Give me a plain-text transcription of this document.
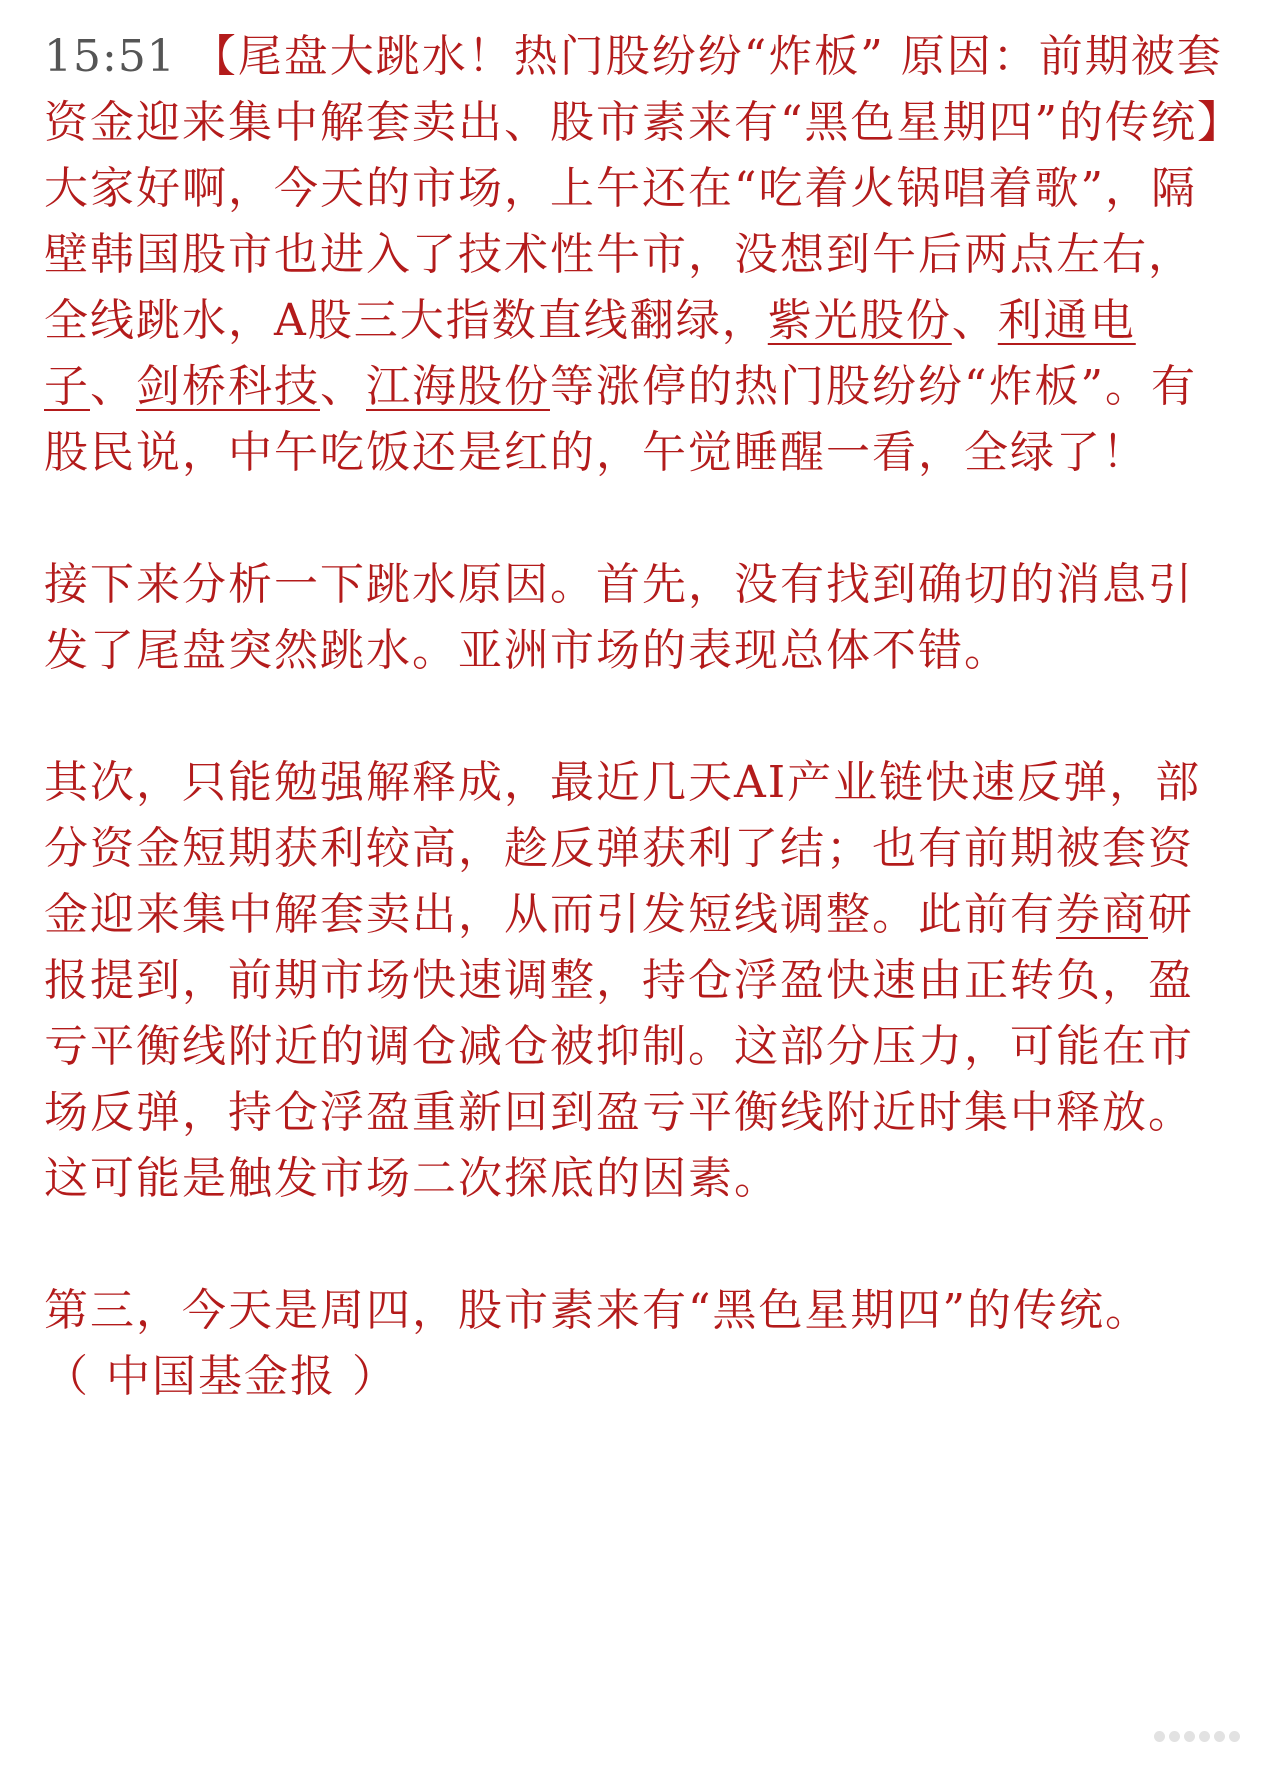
15:51 【尾盘大跳水！热门股纷纷“炸板” 原因：前期被套资金迎来集中解套卖出、股市素来有“黑色星期四”的传统】大家好啊，今天的市场，上午还在“吃着火锅唱着歌”，隔壁韩国股市也进入了技术性牛市，没想到午后两点左右，全线跳水，A股三大指数直线翻绿，紫光股份、利通电子、剑桥科技、江海股份等涨停的热门股纷纷“炸板”。有股民说，中午吃饭还是红的，午觉睡醒一看，全绿了！

接下来分析一下跳水原因。首先，没有找到确切的消息引发了尾盘突然跳水。亚洲市场的表现总体不错。

其次，只能勉强解释成，最近几天AI产业链快速反弹，部分资金短期获利较高，趁反弹获利了结；也有前期被套资金迎来集中解套卖出，从而引发短线调整。此前有券商研报提到，前期市场快速调整，持仓浮盈快速由正转负，盈亏平衡线附近的调仓减仓被抑制。这部分压力，可能在市场反弹，持仓浮盈重新回到盈亏平衡线附近时集中释放。这可能是触发市场二次探底的因素。

第三，今天是周四，股市素来有“黑色星期四”的传统。
（ 中国基金报 ）
